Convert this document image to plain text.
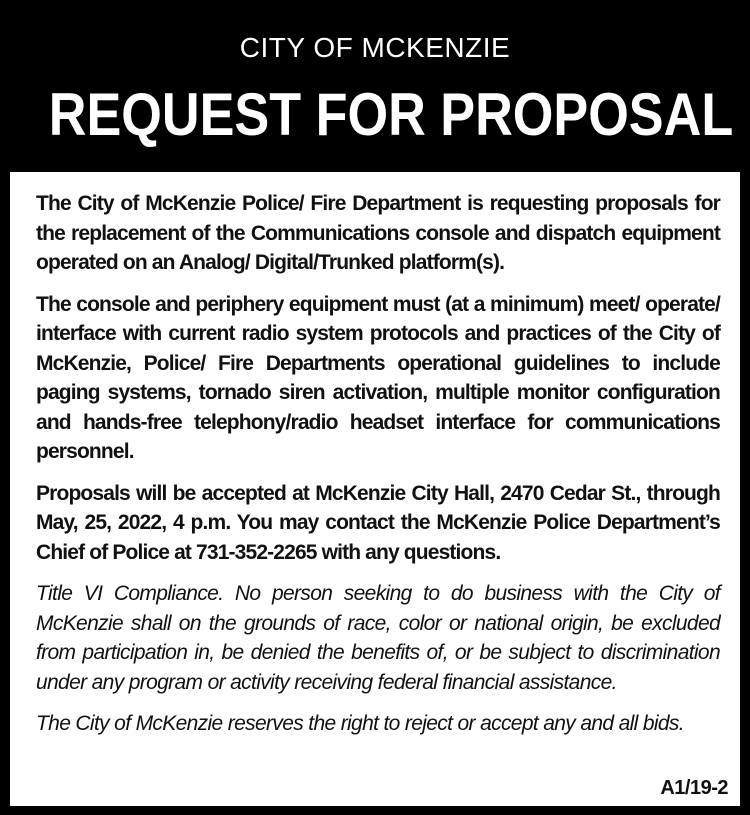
CITY OF MCKENZIE
REQUEST FOR PROPOSAL

The City of McKenzie Police/ Fire Department is requesting proposals for the replacement of the Communications console and dispatch equipment operated on an Analog/ Digital/Trunked platform(s).

The console and periphery equipment must (at a minimum) meet/ operate/ interface with current radio system protocols and practices of the City of McKenzie, Police/ Fire Departments operational guidelines to include paging systems, tornado siren activation, multiple monitor configuration and hands-free telephony/radio headset interface for communications personnel.

Proposals will be accepted at McKenzie City Hall, 2470 Cedar St., through May, 25, 2022, 4 p.m. You may contact the McKenzie Police Department’s Chief of Police at 731-352-2265 with any questions.

Title VI Compliance. No person seeking to do business with the City of McKenzie shall on the grounds of race, color or national origin, be excluded from participation in, be denied the benefits of, or be subject to discrimination under any program or activity receiving federal financial assistance.

The City of McKenzie reserves the right to reject or accept any and all bids.

A1/19-2
